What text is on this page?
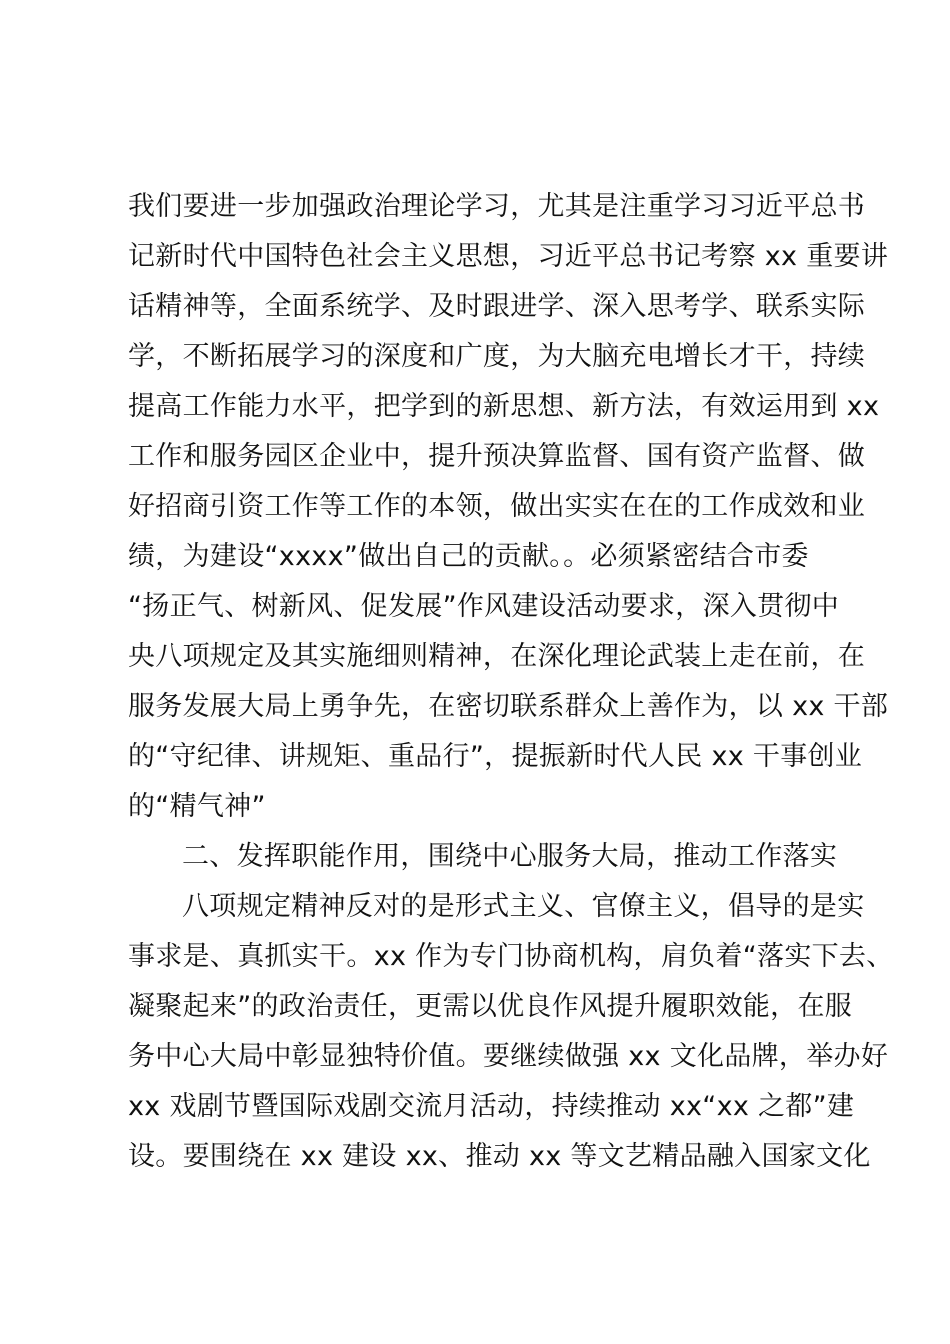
我们要进一步加强政治理论学习，尤其是注重学习习近平总书
记新时代中国特色社会主义思想，习近平总书记考察 xx 重要讲
话精神等，全面系统学、及时跟进学、深入思考学、联系实际
学，不断拓展学习的深度和广度，为大脑充电增长才干，持续
提高工作能力水平，把学到的新思想、新方法，有效运用到 xx
工作和服务园区企业中，提升预决算监督、国有资产监督、做
好招商引资工作等工作的本领，做出实实在在的工作成效和业
绩，为建设“xxxx”做出自己的贡献。。必须紧密结合市委
“扬正气、树新风、促发展”作风建设活动要求，深入贯彻中
央八项规定及其实施细则精神，在深化理论武装上走在前，在
服务发展大局上勇争先，在密切联系群众上善作为，以 xx 干部
的“守纪律、讲规矩、重品行”，提振新时代人民 xx 干事创业
的“精气神”
二、发挥职能作用，围绕中心服务大局，推动工作落实
八项规定精神反对的是形式主义、官僚主义，倡导的是实
事求是、真抓实干。xx 作为专门协商机构，肩负着“落实下去、
凝聚起来”的政治责任，更需以优良作风提升履职效能，在服
务中心大局中彰显独特价值。要继续做强 xx 文化品牌，举办好
xx 戏剧节暨国际戏剧交流月活动，持续推动 xx“xx 之都”建
设。要围绕在 xx 建设 xx、推动 xx 等文艺精品融入国家文化
